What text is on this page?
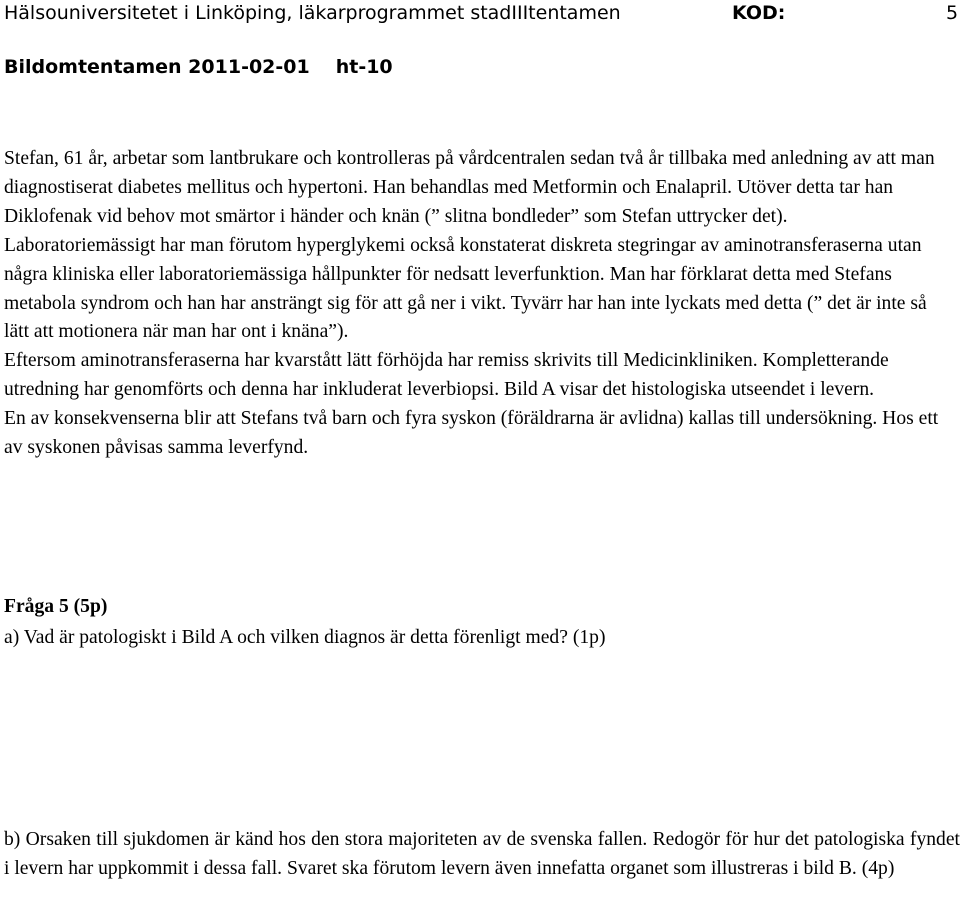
Hälsouniversitetet i Linköping, läkarprogrammet stadIIItentamen	KOD:	5
Bildomtentamen 2011-02-01 ht-10

Stefan, 61 år, arbetar som lantbrukare och kontrolleras på vårdcentralen sedan två år tillbaka med anledning av att man diagnostiserat diabetes mellitus och hypertoni. Han behandlas med Metformin och Enalapril. Utöver detta tar han Diklofenak vid behov mot smärtor i händer och knän (” slitna bondleder” som Stefan uttrycker det).

Laboratoriemässigt har man förutom hyperglykemi också konstaterat diskreta stegringar av aminotransferaserna utan några kliniska eller laboratoriemässiga hållpunkter för nedsatt leverfunktion. Man har förklarat detta med Stefans metabola syndrom och han har ansträngt sig för att gå ner i vikt. Tyvärr har han inte lyckats med detta (” det är inte så lätt att motionera när man har ont i knäna”).

Eftersom aminotransferaserna har kvarstått lätt förhöjda har remiss skrivits till Medicinkliniken. Kompletterande utredning har genomförts och denna har inkluderat leverbiopsi. Bild A visar det histologiska utseendet i levern.

En av konsekvenserna blir att Stefans två barn och fyra syskon (föräldrarna är avlidna) kallas till undersökning. Hos ett av syskonen påvisas samma leverfynd.

Fråga 5 (5p)
a) Vad är patologiskt i Bild A och vilken diagnos är detta förenligt med? (1p)
b) Orsaken till sjukdomen är känd hos den stora majoriteten av de svenska fallen. Redogör för hur det patologiska fyndet i levern har uppkommit i dessa fall. Svaret ska förutom levern även innefatta organet som illustreras i bild B. (4p)
